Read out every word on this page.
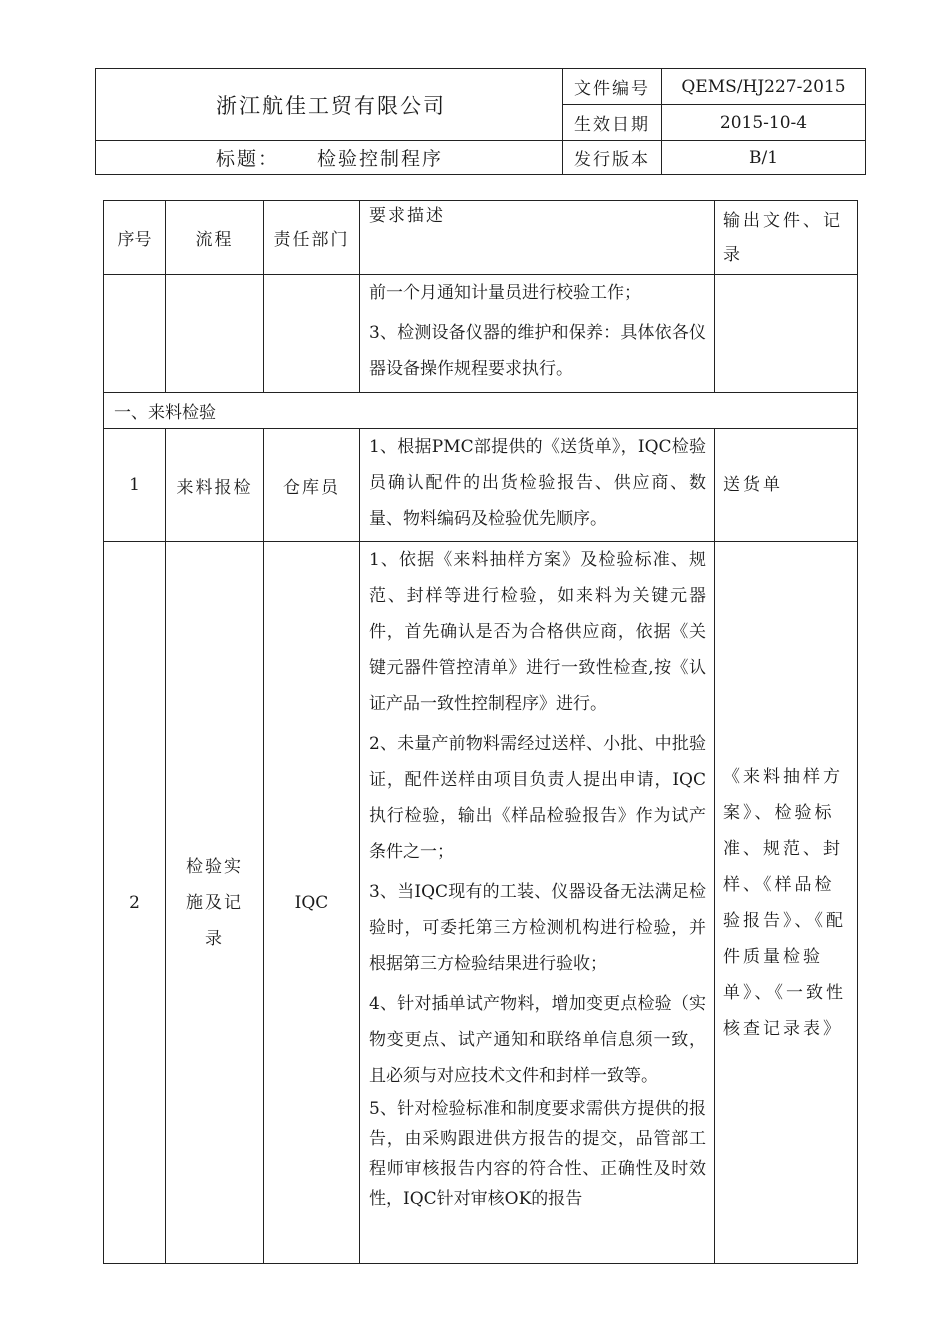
浙江航佳工贸有限公司	文件编号	QEMS/HJ227-2015
	生效日期	2015-10-4
标题： 检验控制程序	发行版本	B/1
序号	流程	责任部门	要求描述	输出文件、记录

			前一个月通知计量员进行校验工作；

3、检测设备仪器的维护和保养：具体依各仪器设备操作规程要求执行。	

一、来料检验				
1	来料报检	仓库员	1、根据PMC部提供的《送货单》，IQC检验员确认配件的出货检验报告、供应商、数量、物料编码及检验优先顺序。	送货单
2	检验实施及记录	IQC	1、依据《来料抽样方案》及检验标准、规范、封样等进行检验，如来料为关键元器件，首先确认是否为合格供应商，依据《关键元器件管控清单》进行一致性检查,按《认证产品一致性控制程序》进行。

2、未量产前物料需经过送样、小批、中批验证，配件送样由项目负责人提出申请，IQC执行检验，输出《样品检验报告》作为试产条件之一；

3、当IQC现有的工装、仪器设备无法满足检验时，可委托第三方检测机构进行检验，并根据第三方检验结果进行验收；

4、针对插单试产物料，增加变更点检验（实物变更点、试产通知和联络单信息须一致，且必须与对应技术文件和封样一致等。

5、针对检验标准和制度要求需供方提供的报告，由采购跟进供方报告的提交，品管部工程师审核报告内容的符合性、正确性及时效性，IQC针对审核OK的报告	《来料抽样方案》、检验标准、规范、封样、《样品检验报告》、《配件质量检验单》、《一致性核查记录表》
